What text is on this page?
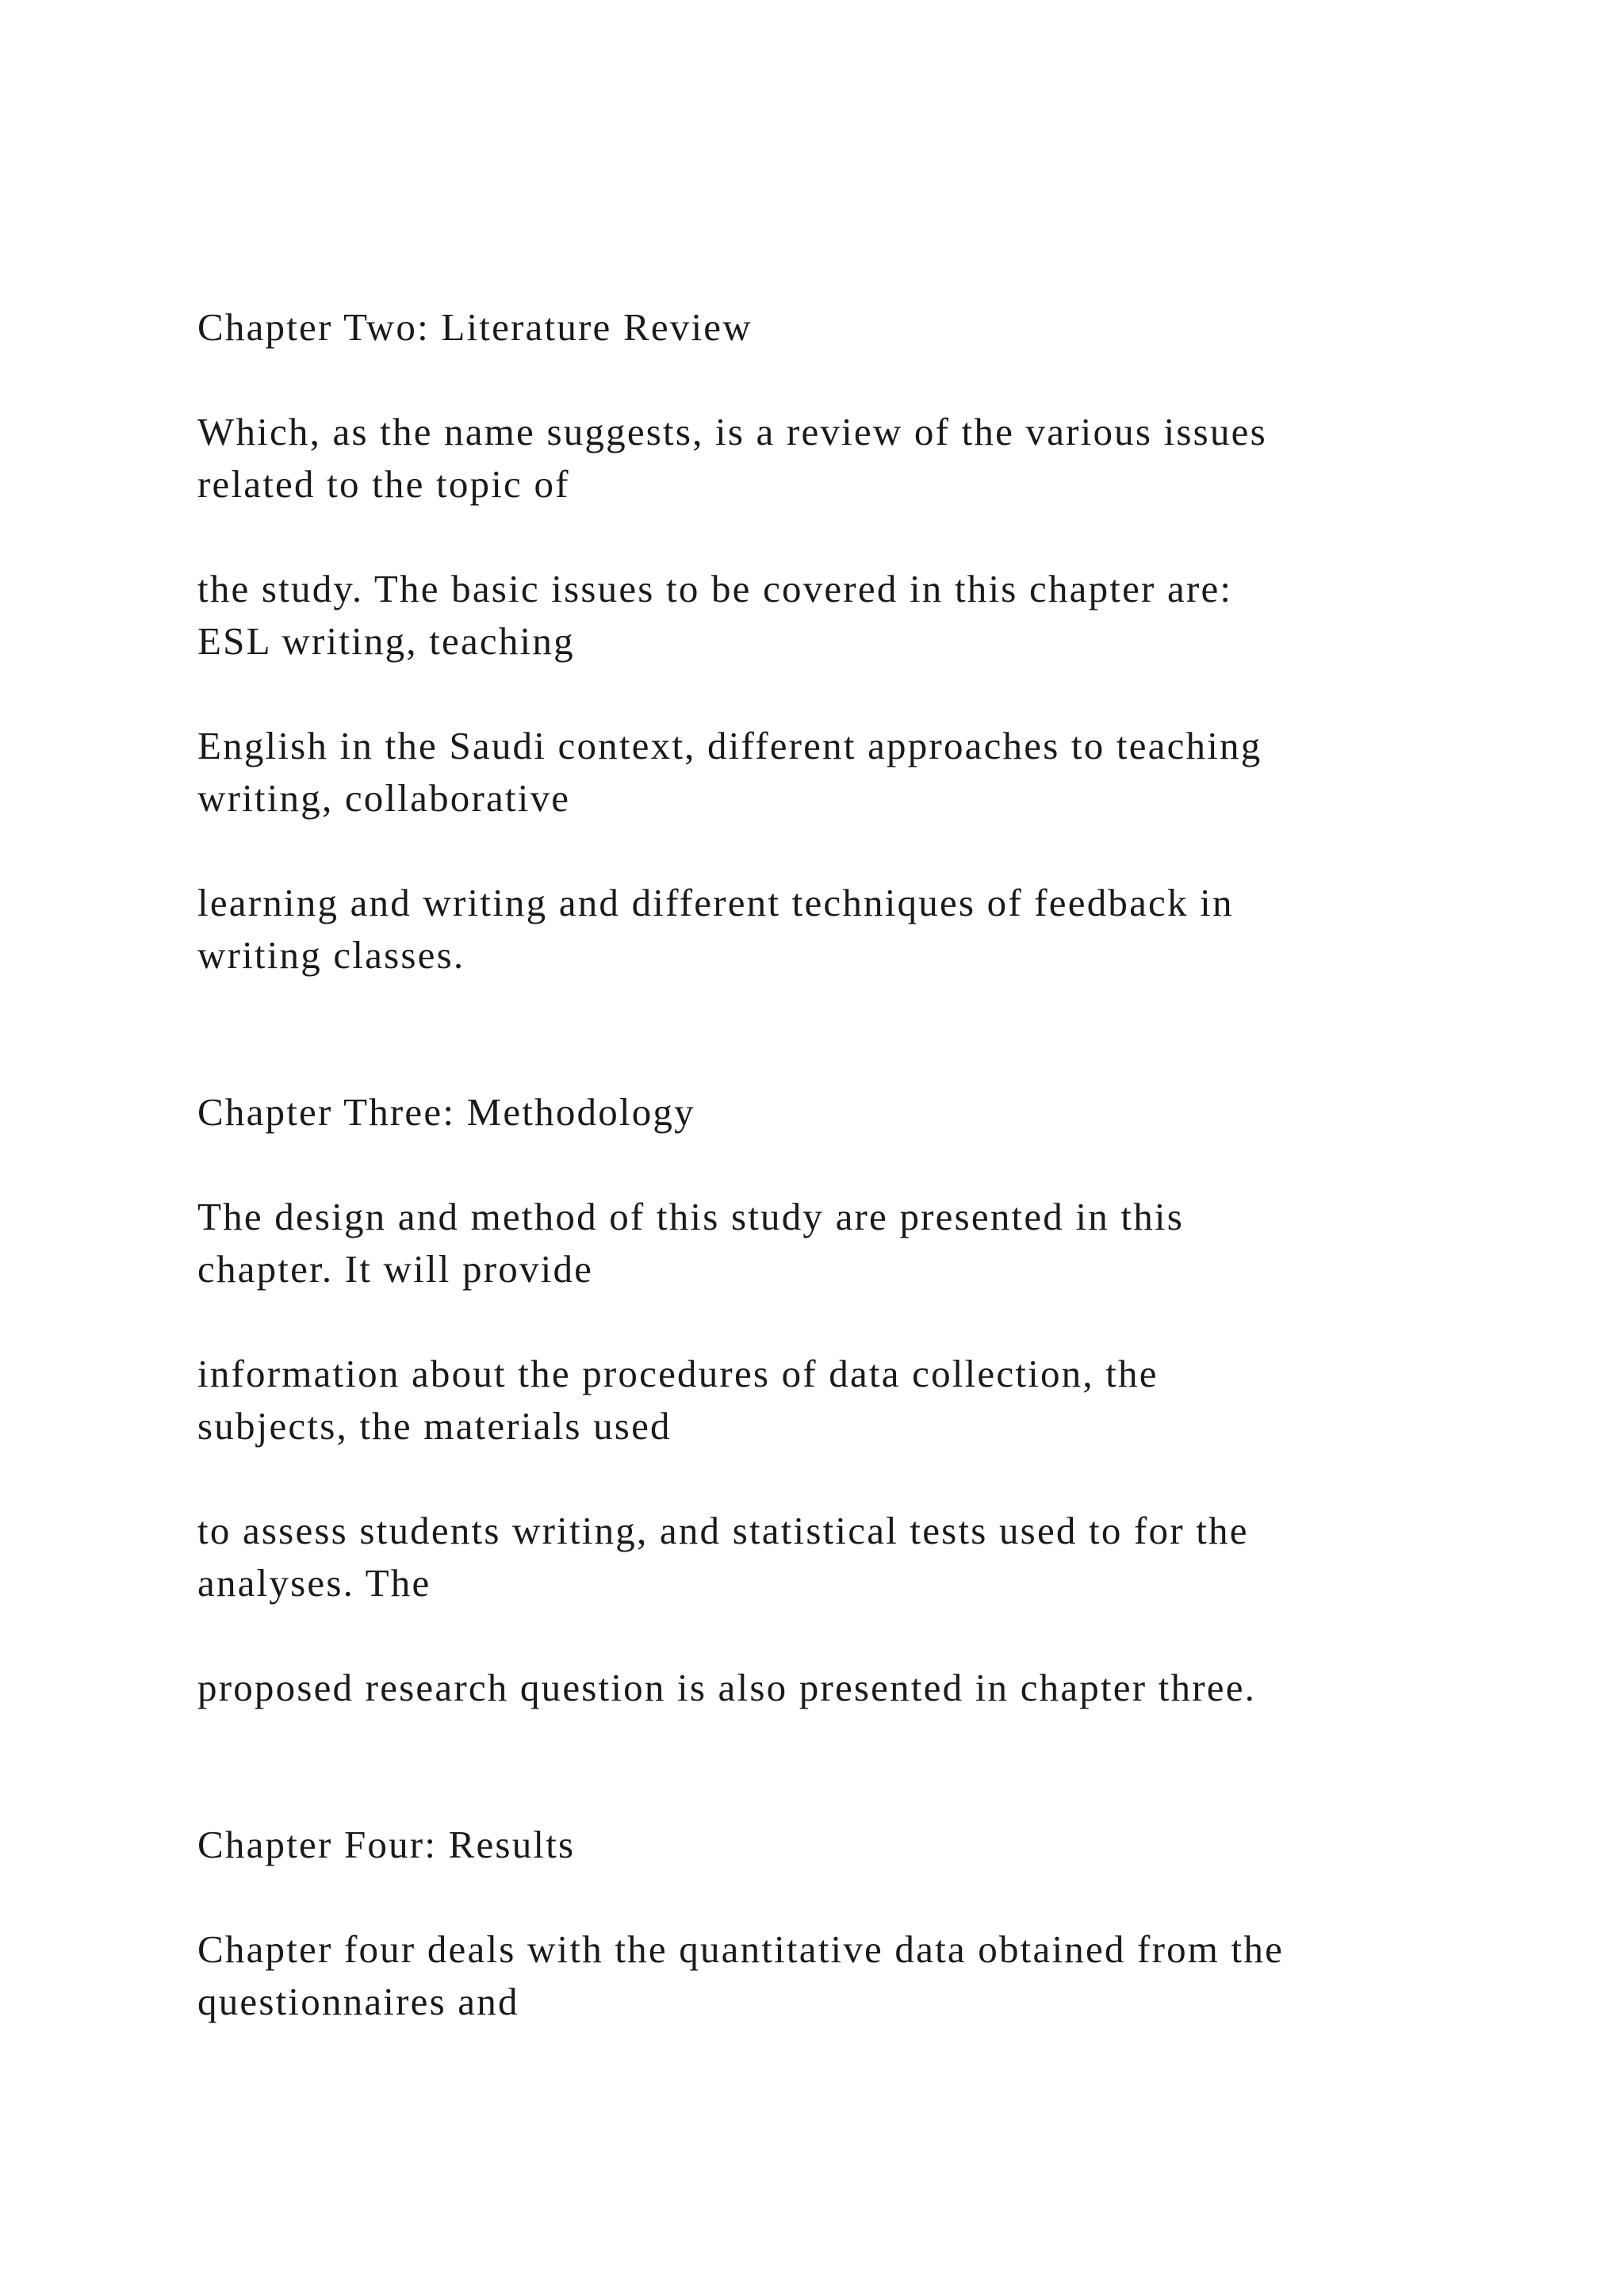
Chapter Two: Literature Review

Which, as the name suggests, is a review of the various issues

related to the topic of

the study. The basic issues to be covered in this chapter are:

ESL writing, teaching

English in the Saudi context, different approaches to teaching

writing, collaborative

learning and writing and different techniques of feedback in

writing classes.

Chapter Three: Methodology

The design and method of this study are presented in this

chapter. It will provide

information about the procedures of data collection, the

subjects, the materials used

to assess students writing, and statistical tests used to for the

analyses. The

proposed research question is also presented in chapter three.

Chapter Four: Results

Chapter four deals with the quantitative data obtained from the

questionnaires and
